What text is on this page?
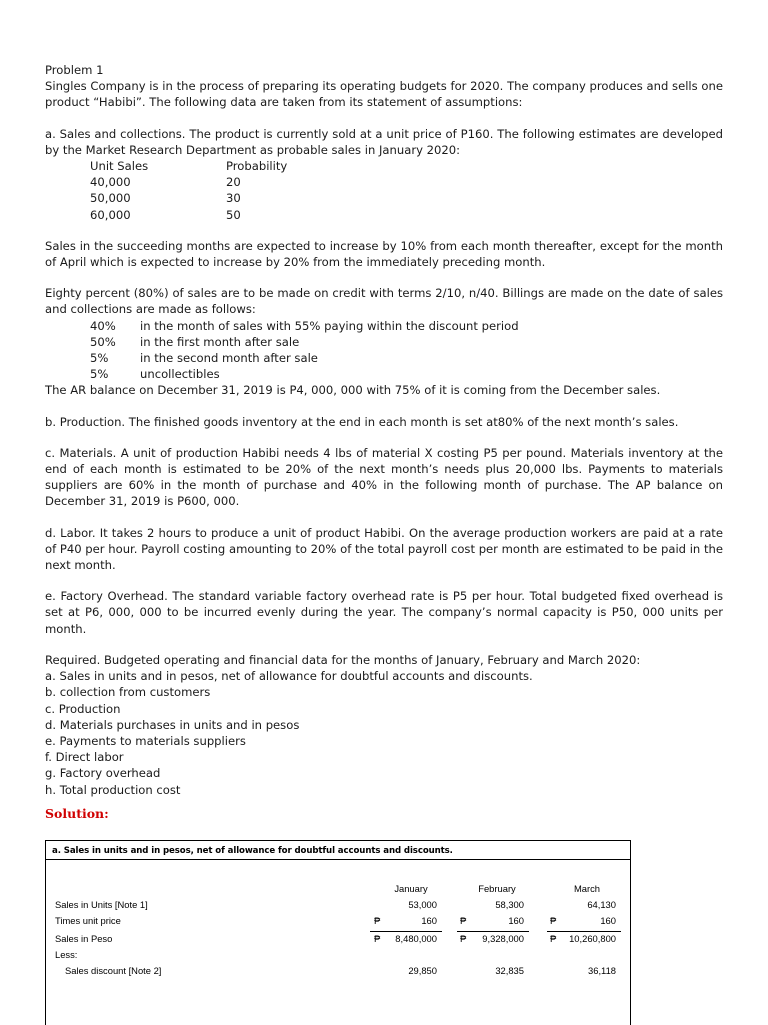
Problem 1

Singles Company is in the process of preparing its operating budgets for 2020. The company produces and sells one product “Habibi”. The following data are taken from its statement of assumptions:

a. Sales and collections. The product is currently sold at a unit price of P160. The following estimates are developed by the Market Research Department as probable sales in January 2020:

Unit Sales	Probability
40,000	20
50,000	30
60,000	50

Sales in the succeeding months are expected to increase by 10% from each month thereafter, except for the month of April which is expected to increase by 20% from the immediately preceding month.

Eighty percent (80%) of sales are to be made on credit with terms 2/10, n/40. Billings are made on the date of sales and collections are made as follows:

40%	in the month of sales with 55% paying within the discount period
50%	in the first month after sale
5%	in the second month after sale
5%	uncollectibles

The AR balance on December 31, 2019 is P4, 000, 000 with 75% of it is coming from the December sales.

b. Production. The finished goods inventory at the end in each month is set at80% of the next month’s sales.

c. Materials. A unit of production Habibi needs 4 lbs of material X costing P5 per pound. Materials inventory at the end of each month is estimated to be 20% of the next month’s needs plus 20,000 lbs. Payments to materials suppliers are 60% in the month of purchase and 40% in the following month of purchase. The AP balance on December 31, 2019 is P600, 000.

d. Labor. It takes 2 hours to produce a unit of product Habibi. On the average production workers are paid at a rate of P40 per hour. Payroll costing amounting to 20% of the total payroll cost per month are estimated to be paid in the next month.

e. Factory Overhead. The standard variable factory overhead rate is P5 per hour. Total budgeted fixed overhead is set at P6, 000, 000 to be incurred evenly during the year. The company’s normal capacity is P50, 000 units per month.

Required. Budgeted operating and financial data for the months of January, February and March 2020:

a. Sales in units and in pesos, net of allowance for doubtful accounts and discounts.

b. collection from customers

c. Production

d. Materials purchases in units and in pesos

e. Payments to materials suppliers

f. Direct labor

g. Factory overhead

h. Total production cost

Solution:
a. Sales in units and in pesos, net of allowance for doubtful accounts and discounts.
January	February	March
Sales in Units [Note 1]	53,000	58,300	64,130
Times unit price	₱	160 ₱	160	₱	160
Sales in Peso	₱	8,480,000 ₱	9,328,000	₱	10,260,800
Less:
Sales discount [Note 2]	29,850	32,835	36,118
